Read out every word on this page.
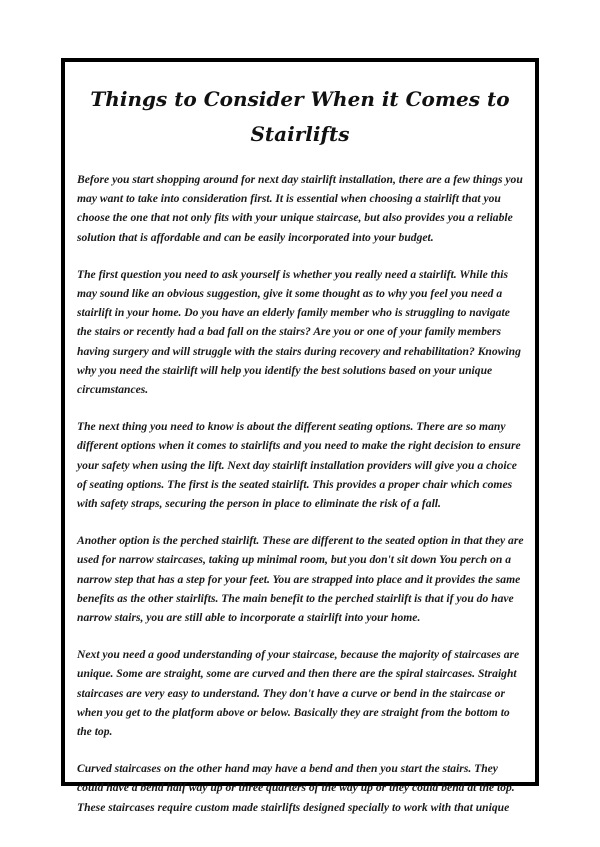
Things to Consider When it Comes to Stairlifts

Before you start shopping around for next day stairlift installation, there are a few things you may want to take into consideration first. It is essential when choosing a stairlift that you choose the one that not only fits with your unique staircase, but also provides you a reliable solution that is affordable and can be easily incorporated into your budget.

The first question you need to ask yourself is whether you really need a stairlift. While this may sound like an obvious suggestion, give it some thought as to why you feel you need a stairlift in your home. Do you have an elderly family member who is struggling to navigate the stairs or recently had a bad fall on the stairs? Are you or one of your family members having surgery and will struggle with the stairs during recovery and rehabilitation? Knowing why you need the stairlift will help you identify the best solutions based on your unique circumstances.

The next thing you need to know is about the different seating options. There are so many different options when it comes to stairlifts and you need to make the right decision to ensure your safety when using the lift. Next day stairlift installation providers will give you a choice of seating options. The first is the seated stairlift. This provides a proper chair which comes with safety straps, securing the person in place to eliminate the risk of a fall.

Another option is the perched stairlift. These are different to the seated option in that they are used for narrow staircases, taking up minimal room, but you don't sit down You perch on a narrow step that has a step for your feet. You are strapped into place and it provides the same benefits as the other stairlifts. The main benefit to the perched stairlift is that if you do have narrow stairs, you are still able to incorporate a stairlift into your home.

Next you need a good understanding of your staircase, because the majority of staircases are unique. Some are straight, some are curved and then there are the spiral staircases. Straight staircases are very easy to understand. They don't have a curve or bend in the staircase or when you get to the platform above or below. Basically they are straight from the bottom to the top.

Curved staircases on the other hand may have a bend and then you start the stairs. They could have a bend half way up or three quarters of the way up or they could bend at the top. These staircases require custom made stairlifts designed specially to work with that unique
